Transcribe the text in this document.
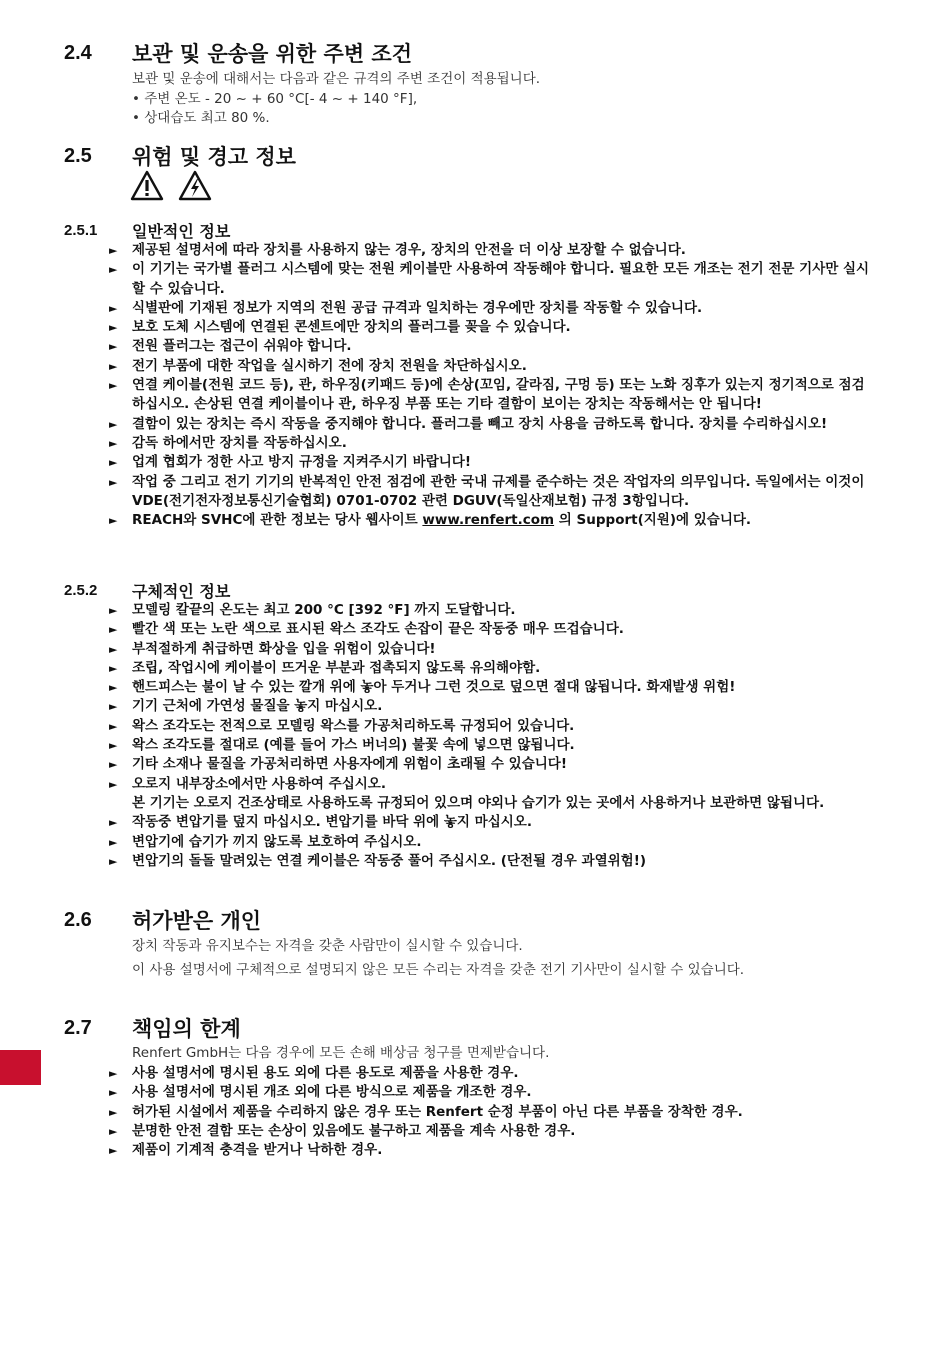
2.4	보관 및 운송을 위한 주변 조건
보관 및 운송에 대해서는 다음과 같은 규격의 주변 조건이 적용됩니다.
• 주변 온도 - 20 ~ + 60 °C[- 4 ~ + 140 °F],
• 상대습도 최고 80 %.
2.5	위험 및 경고 정보
2.5.1	일반적인 정보
► 제공된 설명서에 따라 장치를 사용하지 않는 경우, 장치의 안전을 더 이상 보장할 수 없습니다.
► 이 기기는 국가별 플러그 시스템에 맞는 전원 케이블만 사용하여 작동해야 합니다. 필요한 모든 개조는 전기 전문 기사만 실시할 수 있습니다.
► 식별판에 기재된 정보가 지역의 전원 공급 규격과 일치하는 경우에만 장치를 작동할 수 있습니다.
► 보호 도체 시스템에 연결된 콘센트에만 장치의 플러그를 꽂을 수 있습니다.
► 전원 플러그는 접근이 쉬워야 합니다.
► 전기 부품에 대한 작업을 실시하기 전에 장치 전원을 차단하십시오.
► 연결 케이블(전원 코드 등), 관, 하우징(키패드 등)에 손상(꼬임, 갈라짐, 구멍 등) 또는 노화 징후가 있는지 정기적으로 점검하십시오. 손상된 연결 케이블이나 관, 하우징 부품 또는 기타 결함이 보이는 장치는 작동해서는 안 됩니다!
► 결함이 있는 장치는 즉시 작동을 중지해야 합니다. 플러그를 빼고 장치 사용을 금하도록 합니다. 장치를 수리하십시오!
► 감독 하에서만 장치를 작동하십시오.
► 업계 협회가 정한 사고 방지 규정을 지켜주시기 바랍니다!
► 작업 중 그리고 전기 기기의 반복적인 안전 점검에 관한 국내 규제를 준수하는 것은 작업자의 의무입니다. 독일에서는 이것이 VDE(전기전자정보통신기술협회) 0701-0702 관련 DGUV(독일산재보험) 규정 3항입니다.
► REACH와 SVHC에 관한 정보는 당사 웹사이트 www.renfert.com 의 Support(지원)에 있습니다.
2.5.2	구체적인 정보
► 모델링 칼끝의 온도는 최고 200 °C [392 °F] 까지 도달합니다.
► 빨간 색 또는 노란 색으로 표시된 왁스 조각도 손잡이 끝은 작동중 매우 뜨겁습니다.
► 부적절하게 취급하면 화상을 입을 위험이 있습니다!
► 조립, 작업시에 케이블이 뜨거운 부분과 접촉되지 않도록 유의해야함.
► 핸드피스는 불이 날 수 있는 깔개 위에 놓아 두거나 그런 것으로 덮으면 절대 않됩니다. 화재발생 위험!
► 기기 근처에 가연성 물질을 놓지 마십시오.
► 왁스 조각도는 전적으로 모델링 왁스를 가공처리하도록 규정되어 있습니다.
► 왁스 조각도를 절대로 (예를 들어 가스 버너의) 불꽃 속에 넣으면 않됩니다.
► 기타 소재나 물질을 가공처리하면 사용자에게 위험이 초래될 수 있습니다!
► 오로지 내부장소에서만 사용하여 주십시오.
본 기기는 오로지 건조상태로 사용하도록 규정되어 있으며 야외나 습기가 있는 곳에서 사용하거나 보관하면 않됩니다.
► 작동중 변압기를 덮지 마십시오. 변압기를 바닥 위에 놓지 마십시오.
► 변압기에 습기가 끼지 않도록 보호하여 주십시오.
► 변압기의 돌돌 말려있는 연결 케이블은 작동중 풀어 주십시오. (단전될 경우 과열위험!)
2.6	허가받은 개인
장치 작동과 유지보수는 자격을 갖춘 사람만이 실시할 수 있습니다.
이 사용 설명서에 구체적으로 설명되지 않은 모든 수리는 자격을 갖춘 전기 기사만이 실시할 수 있습니다.
2.7	책임의 한계
Renfert GmbH는 다음 경우에 모든 손해 배상금 청구를 면제받습니다.
► 사용 설명서에 명시된 용도 외에 다른 용도로 제품을 사용한 경우.
► 사용 설명서에 명시된 개조 외에 다른 방식으로 제품을 개조한 경우.
► 허가된 시설에서 제품을 수리하지 않은 경우 또는 Renfert 순정 부품이 아닌 다른 부품을 장착한 경우.
► 분명한 안전 결함 또는 손상이 있음에도 불구하고 제품을 계속 사용한 경우.
► 제품이 기계적 충격을 받거나 낙하한 경우.
